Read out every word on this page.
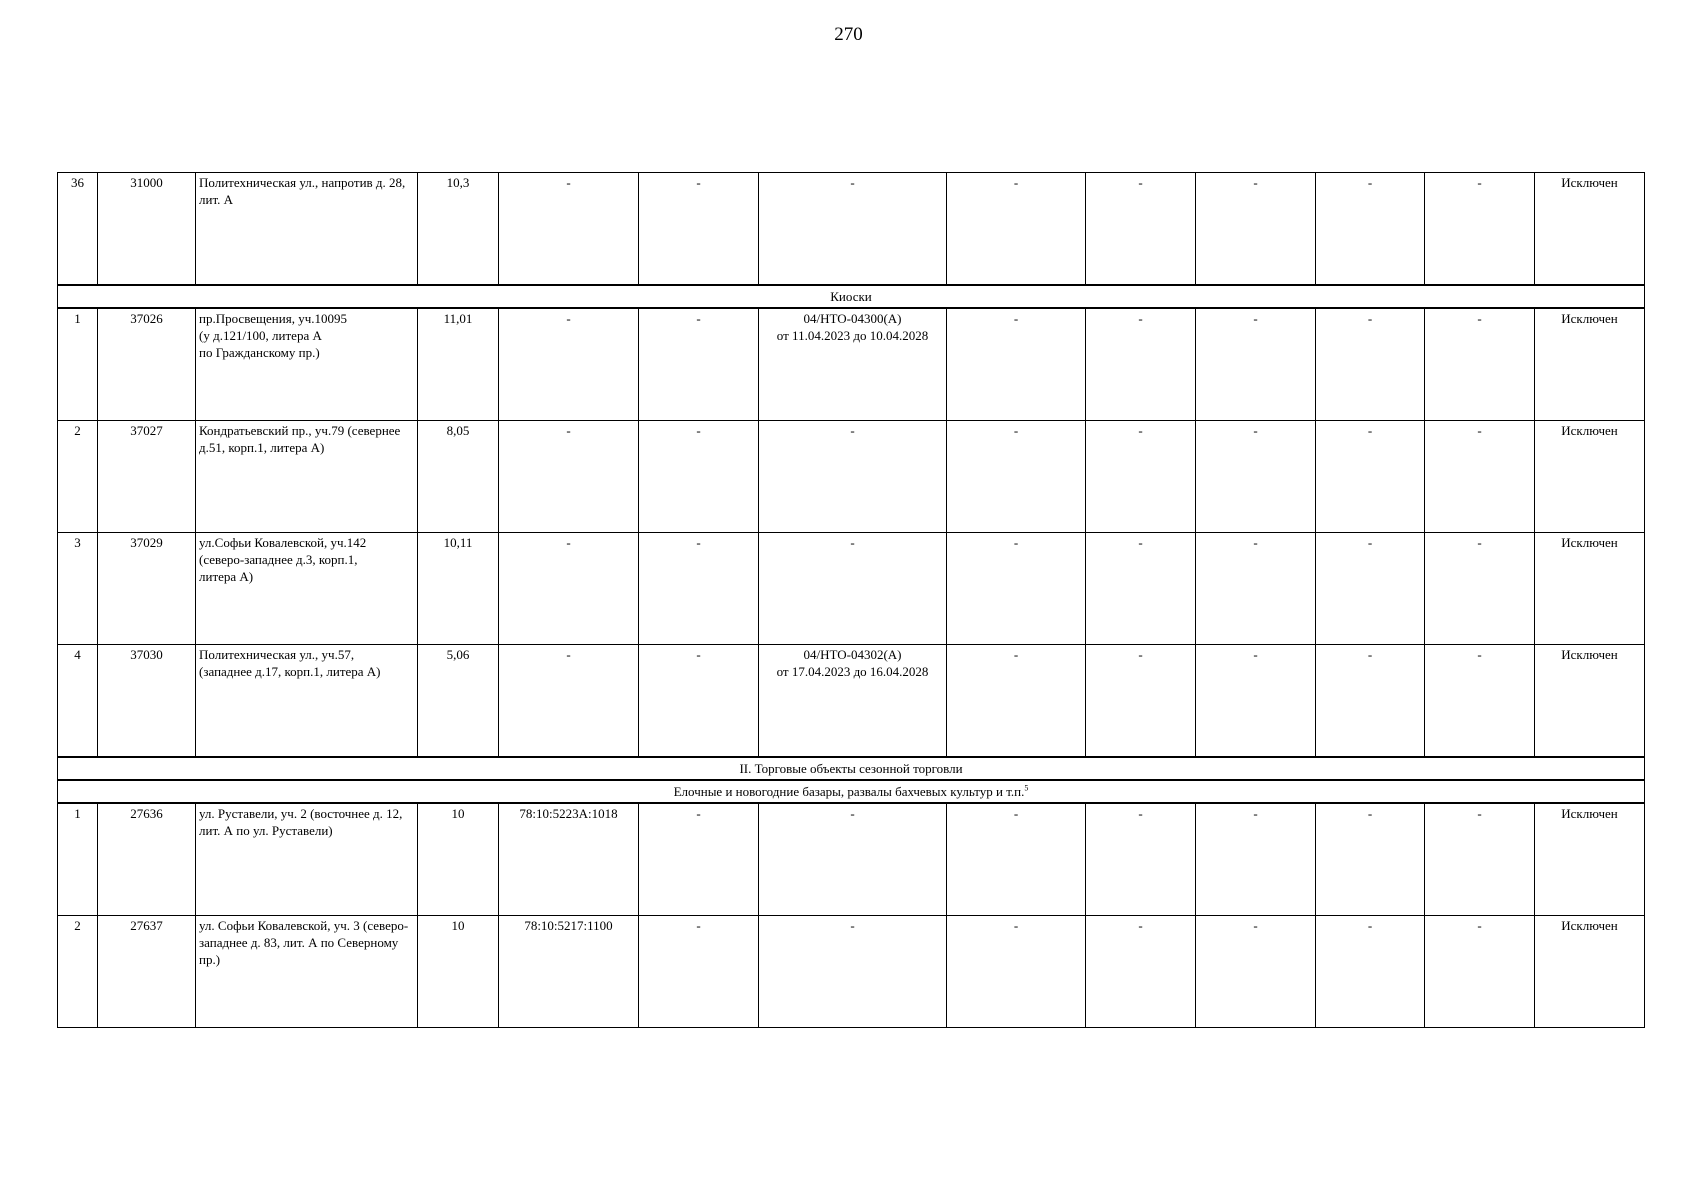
270
36	31000	Политехническая ул., напротив д. 28, лит. А	10,3	-	-	-	-	-	-	-	-	Исключен
Киоски												
1	37026	пр.Просвещения, уч.10095
(у д.121/100, литера А
по Гражданскому пр.)	11,01	-	-	04/НТО-04300(А)
от 11.04.2023 до 10.04.2028	-	-	-	-	-	Исключен
2	37027	Кондратьевский пр., уч.79 (севернее д.51, корп.1, литера А)	8,05	-	-	-	-	-	-	-	-	Исключен
3	37029	ул.Софьи Ковалевской, уч.142
(северо-западнее д.3, корп.1,
литера А)	10,11	-	-	-	-	-	-	-	-	Исключен
4	37030	Политехническая ул., уч.57,
(западнее д.17, корп.1, литера А)	5,06	-	-	04/НТО-04302(А)
от 17.04.2023 до 16.04.2028	-	-	-	-	-	Исключен
II. Торговые объекты сезонной торговли												
Елочные и новогодние базары, развалы бахчевых культур и т.п.$^5$
1	27636	ул. Руставели, уч. 2 (восточнее д. 12, лит. А по ул. Руставели)	10	78:10:5223А:1018	-	-	-	-	-	-	-	Исключен
2	27637	ул. Софьи Ковалевской, уч. 3 (северо-западнее д. 83, лит. А по Северному пр.)	10	78:10:5217:1100	-	-	-	-	-	-	-	Исключен
